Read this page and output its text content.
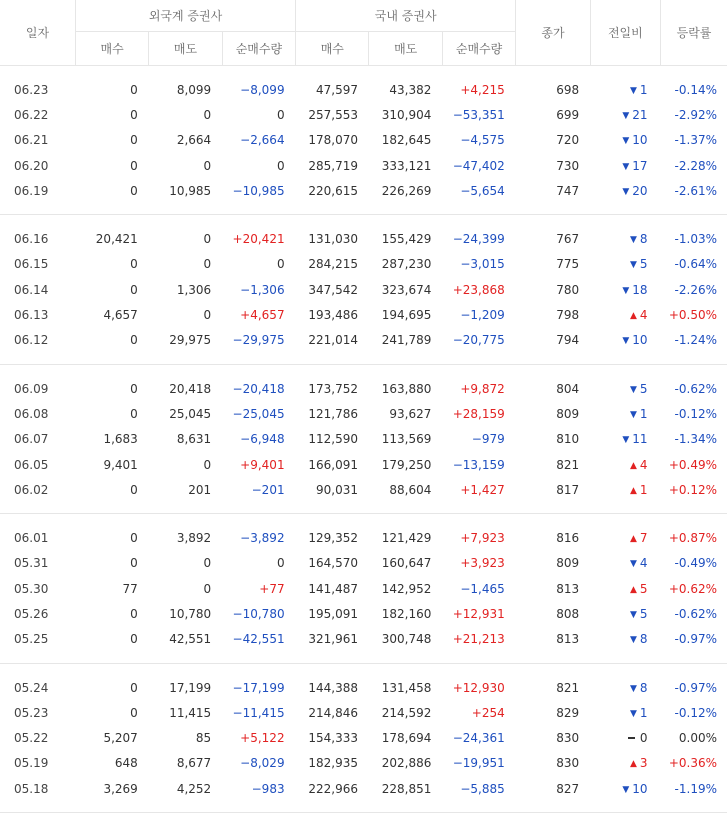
일자	외국계 증권사			국내 증권사			종가	전일비	등락률
	매수	매도	순매수량	매수	매도	순매수량			

06.23	0	8,099	−8,099	47,597	43,382	+4,215	698	▼ 1	-0.14%
06.22	0	0	0	257,553	310,904	−53,351	699	▼ 21	-2.92%
06.21	0	2,664	−2,664	178,070	182,645	−4,575	720	▼ 10	-1.37%
06.20	0	0	0	285,719	333,121	−47,402	730	▼ 17	-2.28%
06.19	0	10,985	−10,985	220,615	226,269	−5,654	747	▼ 20	-2.61%

06.16	20,421	0	+20,421	131,030	155,429	−24,399	767	▼ 8	-1.03%
06.15	0	0	0	284,215	287,230	−3,015	775	▼ 5	-0.64%
06.14	0	1,306	−1,306	347,542	323,674	+23,868	780	▼ 18	-2.26%
06.13	4,657	0	+4,657	193,486	194,695	−1,209	798	▲ 4	+0.50%
06.12	0	29,975	−29,975	221,014	241,789	−20,775	794	▼ 10	-1.24%

06.09	0	20,418	−20,418	173,752	163,880	+9,872	804	▼ 5	-0.62%
06.08	0	25,045	−25,045	121,786	93,627	+28,159	809	▼ 1	-0.12%
06.07	1,683	8,631	−6,948	112,590	113,569	−979	810	▼ 11	-1.34%
06.05	9,401	0	+9,401	166,091	179,250	−13,159	821	▲ 4	+0.49%
06.02	0	201	−201	90,031	88,604	+1,427	817	▲ 1	+0.12%

06.01	0	3,892	−3,892	129,352	121,429	+7,923	816	▲ 7	+0.87%
05.31	0	0	0	164,570	160,647	+3,923	809	▼ 4	-0.49%
05.30	77	0	+77	141,487	142,952	−1,465	813	▲ 5	+0.62%
05.26	0	10,780	−10,780	195,091	182,160	+12,931	808	▼ 5	-0.62%
05.25	0	42,551	−42,551	321,961	300,748	+21,213	813	▼ 8	-0.97%

05.24	0	17,199	−17,199	144,388	131,458	+12,930	821	▼ 8	-0.97%
05.23	0	11,415	−11,415	214,846	214,592	+254	829	▼ 1	-0.12%
05.22	5,207	85	+5,122	154,333	178,694	−24,361	830	0	0.00%
05.19	648	8,677	−8,029	182,935	202,886	−19,951	830	▲ 3	+0.36%
05.18	3,269	4,252	−983	222,966	228,851	−5,885	827	▼ 10	-1.19%
